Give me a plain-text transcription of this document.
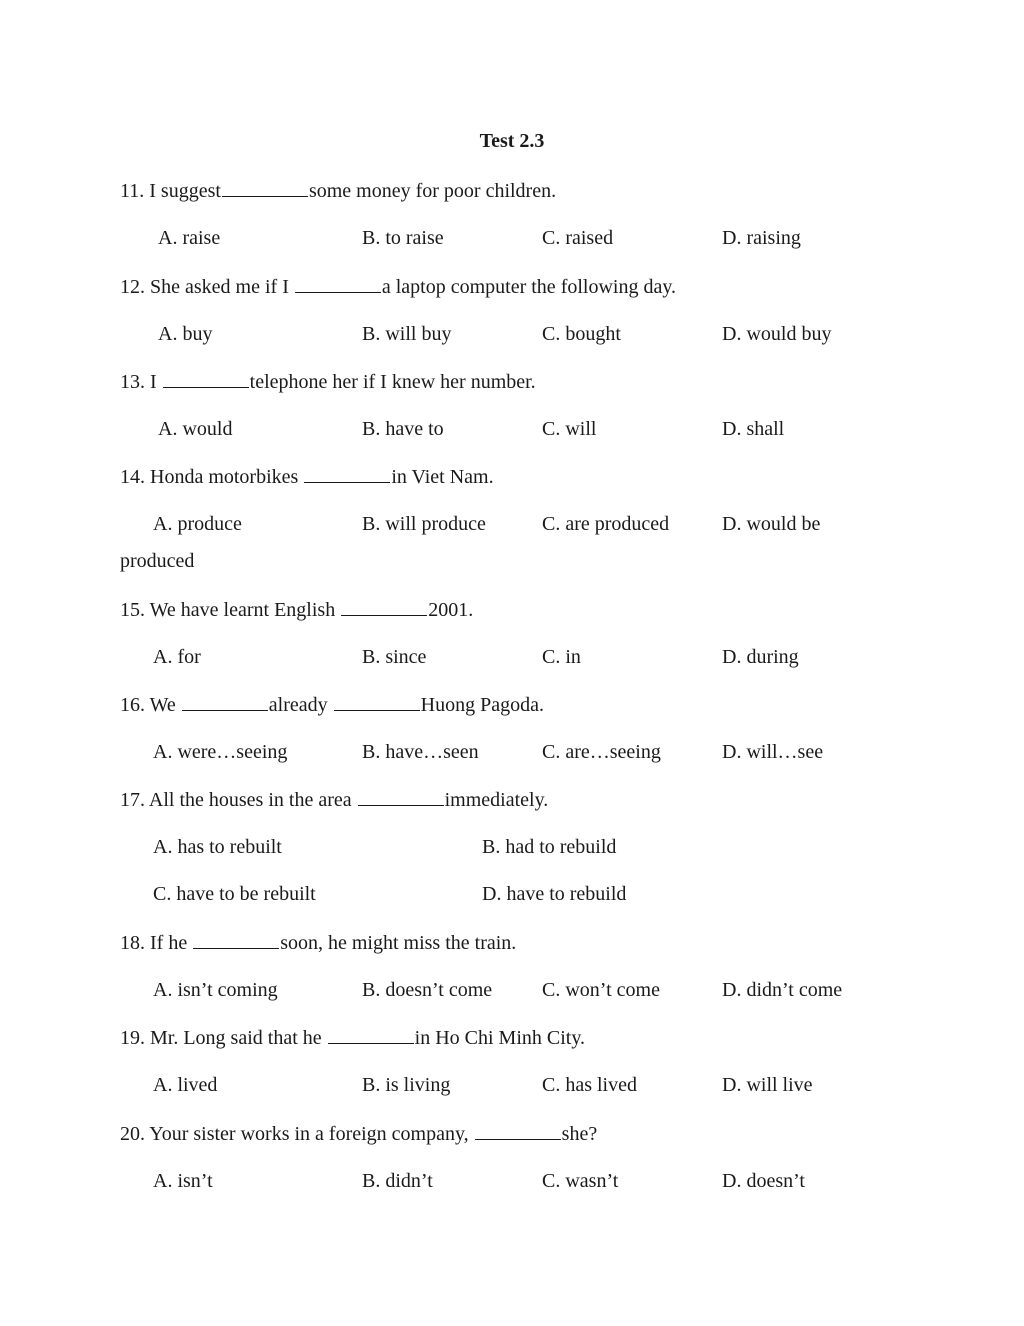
Test 2.3
11. I suggest	some money for poor children.
A. raise	B. to raise	C. raised	D. raising
12. She asked me if I	a laptop computer the following day.
A. buy	B. will buy	C. bought	D. would buy
13. I	telephone her if I knew her number.
A. would	B. have to	C. will	D. shall
14. Honda motorbikes	in Viet Nam.
A. produce	B. will produce	C. are produced	D. would be
produced
15. We have learnt English	2001.
A. for	B. since	C. in	D. during
16. We	already	Huong Pagoda.
A. were…seeing	B. have…seen	C. are…seeing	D. will…see
17. All the houses in the area	immediately.
A. has to rebuilt	B. had to rebuild
C. have to be rebuilt	D. have to rebuild
18. If he	soon, he might miss the train.
A. isn’t coming	B. doesn’t come C. won’t come	D. didn’t come
19. Mr. Long said that he	in Ho Chi Minh City.
A. lived	B. is living	C. has lived	D. will live
20. Your sister works in a foreign company,	she?
A. isn’t	B. didn’t	C. wasn’t	D. doesn’t
